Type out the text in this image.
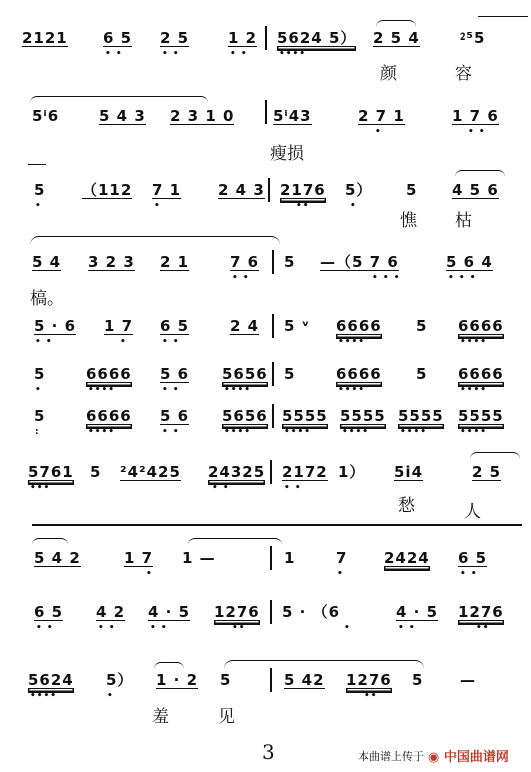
2121 6 5
• •
2 5
• •
1 2
• •
5624 5）
••••
2 5 4	⁲⁵5
颜	容
5ⁱ6	5 4 3 2 3 1 0	5ⁱ43	2 7 1
•
1 7 6
• •
瘦损
5
•
（112 7 1
•
2 4 3 2176
••
5）
•
5 4 5 6
憔 枯
5 4 3 2 3 2 1	7 6
• •
5 —（5 7 6
• • •
5 6 4
• • •
槁。
5 · 6
• •
1 7
•
6 5
• •
2 4 5 ᵛ 6666
••••
5 6666
••••
5
•
6666
••••
5 6
• •
5656
••••
5	6666
••••
5 6666
••••
5
:
6666
••••
5 6
• •
5656
••••
5555
••••
5555
••••
5555
••••
5555
••••
5761
•••
5 ²4²425 24325
• •
2172
• •
1） 5i4	2 5
愁	人
5 4 2	1 7
•
1 —	1	7
•
2424 6 5
• •
6 5
• •
4 2
• •
4 · 5
• •
1276
••
5 · （6
•
4 · 5
• •
1276
••
5624
••••
5）
•
1 · 2 5	5 42 1276
••
5 —
羞	见
3	本曲谱上传于 ◉ 中国曲谱网
